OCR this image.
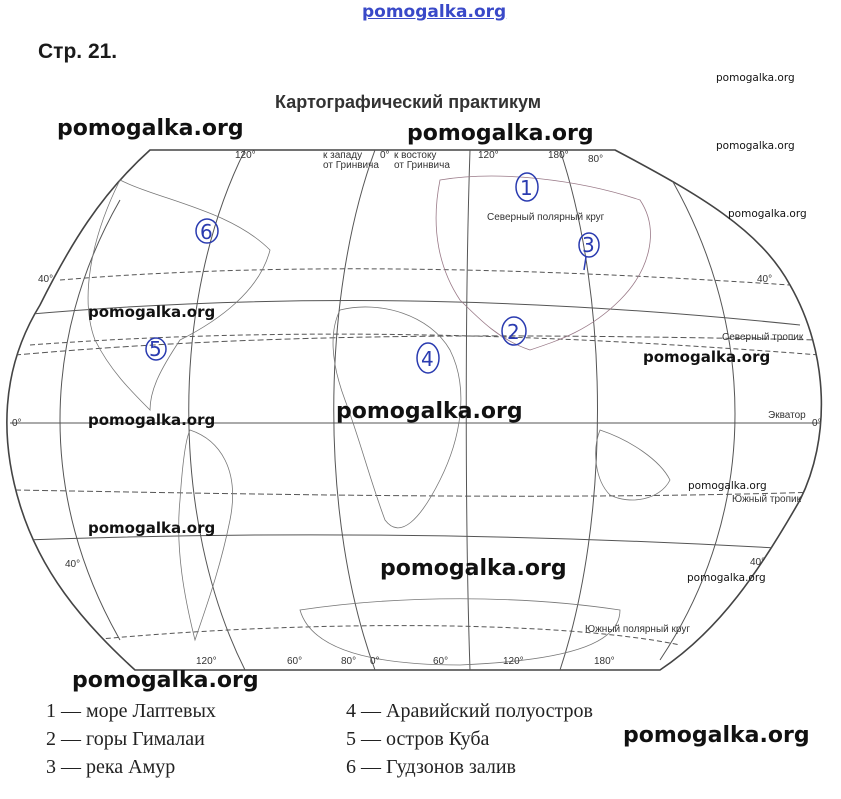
pomogalka.org
Стр. 21.
Картографический практикум
120°	0°	120°	180° 80°
к западу
от Гринвича
к востоку
от Гринвича
40°	40°
0°	0°
40°	40°
120°	60°	80° 0°	60°	120°	180°
Северный полярный круг
Северный тропик
Экватор
Южный тропик
Южный полярный круг
1
2
3
4
5
6
pomogalka.org	pomogalka.org
pomogalka.org
pomogalka.org
pomogalka.org
pomogalka.org
pomogalka.org
pomogalka.org
pomogalka.org
pomogalka.org
pomogalka.org
pomogalka.org	pomogalka.org
pomogalka.org
pomogalka.org
1 — море Лаптевых
2 — горы Гималаи
3 — река Амур
4 — Аравийский полуостров
5 — остров Куба
6 — Гудзонов залив
